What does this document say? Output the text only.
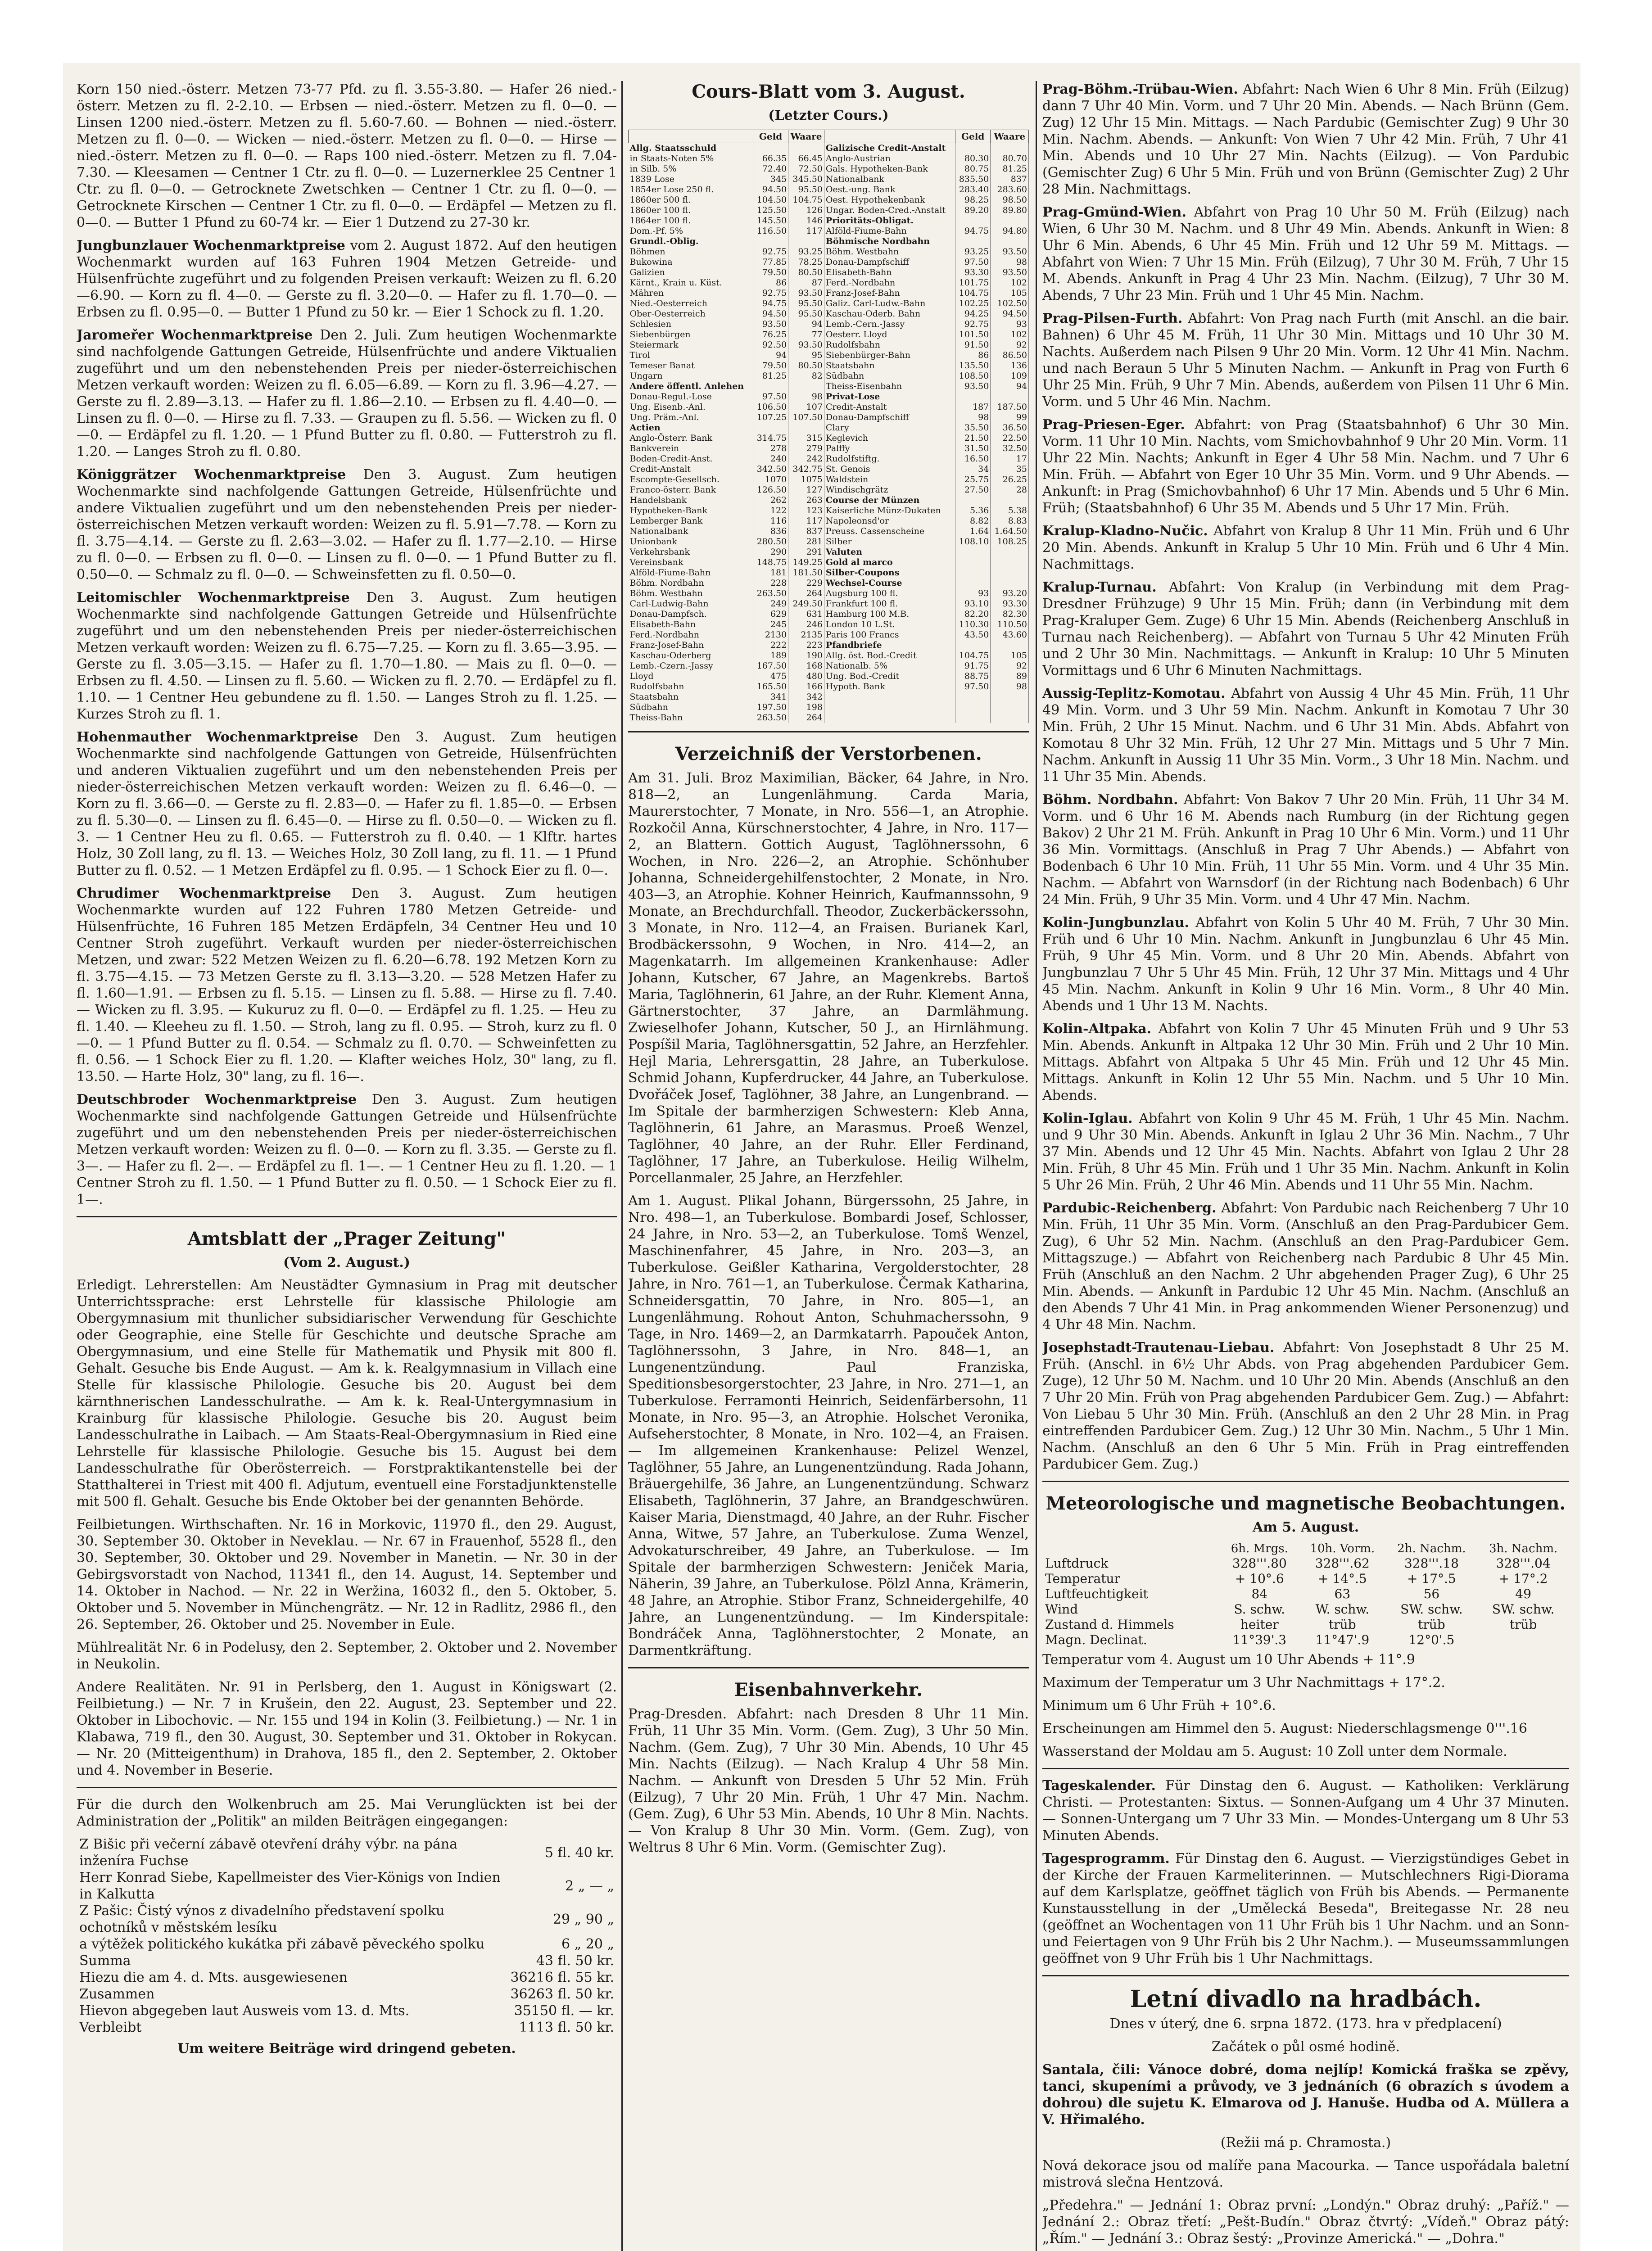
Korn 150 nied.-österr. Metzen 73-77 Pfd. zu fl. 3.55-3.80. — Hafer 26 nied.-österr. Metzen zu fl. 2-2.10. — Erbsen — nied.-österr. Metzen zu fl. 0—0. — Linsen 1200 nied.-österr. Metzen zu fl. 5.60-7.60. — Bohnen — nied.-österr. Metzen zu fl. 0—0. — Wicken — nied.-österr. Metzen zu fl. 0—0. — Hirse — nied.-österr. Metzen zu fl. 0—0. — Raps 100 nied.-österr. Metzen zu fl. 7.04-7.30. — Kleesamen — Centner 1 Ctr. zu fl. 0—0. — Luzernerklee 25 Centner 1 Ctr. zu fl. 0—0. — Getrocknete Zwetschken — Centner 1 Ctr. zu fl. 0—0. — Getrocknete Kirschen — Centner 1 Ctr. zu fl. 0—0. — Erdäpfel — Metzen zu fl. 0—0. — Butter 1 Pfund zu 60-74 kr. — Eier 1 Dutzend zu 27-30 kr.

Jungbunzlauer Wochenmarktpreise vom 2. August 1872. Auf den heutigen Wochenmarkt wurden auf 163 Fuhren 1904 Metzen Getreide- und Hülsenfrüchte zugeführt und zu folgenden Preisen verkauft: Weizen zu fl. 6.20—6.90. — Korn zu fl. 4—0. — Gerste zu fl. 3.20—0. — Hafer zu fl. 1.70—0. — Erbsen zu fl. 0.95—0. — Butter 1 Pfund zu 50 kr. — Eier 1 Schock zu fl. 1.20.

Jaromeřer Wochenmarktpreise Den 2. Juli. Zum heutigen Wochenmarkte sind nachfolgende Gattungen Getreide, Hülsenfrüchte und andere Viktualien zugeführt und um den nebenstehenden Preis per nieder-österreichischen Metzen verkauft worden: Weizen zu fl. 6.05—6.89. — Korn zu fl. 3.96—4.27. — Gerste zu fl. 2.89—3.13. — Hafer zu fl. 1.86—2.10. — Erbsen zu fl. 4.40—0. — Linsen zu fl. 0—0. — Hirse zu fl. 7.33. — Graupen zu fl. 5.56. — Wicken zu fl. 0—0. — Erdäpfel zu fl. 1.20. — 1 Pfund Butter zu fl. 0.80. — Futterstroh zu fl. 1.20. — Langes Stroh zu fl. 0.80.

Königgrätzer Wochenmarktpreise Den 3. August. Zum heutigen Wochenmarkte sind nachfolgende Gattungen Getreide, Hülsenfrüchte und andere Viktualien zugeführt und um den nebenstehenden Preis per nieder-österreichischen Metzen verkauft worden: Weizen zu fl. 5.91—7.78. — Korn zu fl. 3.75—4.14. — Gerste zu fl. 2.63—3.02. — Hafer zu fl. 1.77—2.10. — Hirse zu fl. 0—0. — Erbsen zu fl. 0—0. — Linsen zu fl. 0—0. — 1 Pfund Butter zu fl. 0.50—0. — Schmalz zu fl. 0—0. — Schweinsfetten zu fl. 0.50—0.

Leitomischler Wochenmarktpreise Den 3. August. Zum heutigen Wochenmarkte sind nachfolgende Gattungen Getreide und Hülsenfrüchte zugeführt und um den nebenstehenden Preis per nieder-österreichischen Metzen verkauft worden: Weizen zu fl. 6.75—7.25. — Korn zu fl. 3.65—3.95. — Gerste zu fl. 3.05—3.15. — Hafer zu fl. 1.70—1.80. — Mais zu fl. 0—0. — Erbsen zu fl. 4.50. — Linsen zu fl. 5.60. — Wicken zu fl. 2.70. — Erdäpfel zu fl. 1.10. — 1 Centner Heu gebundene zu fl. 1.50. — Langes Stroh zu fl. 1.25. — Kurzes Stroh zu fl. 1.

Hohenmauther Wochenmarktpreise Den 3. August. Zum heutigen Wochenmarkte sind nachfolgende Gattungen von Getreide, Hülsenfrüchten und anderen Viktualien zugeführt und um den nebenstehenden Preis per nieder-österreichischen Metzen verkauft worden: Weizen zu fl. 6.46—0. — Korn zu fl. 3.66—0. — Gerste zu fl. 2.83—0. — Hafer zu fl. 1.85—0. — Erbsen zu fl. 5.30—0. — Linsen zu fl. 6.45—0. — Hirse zu fl. 0.50—0. — Wicken zu fl. 3. — 1 Centner Heu zu fl. 0.65. — Futterstroh zu fl. 0.40. — 1 Klftr. hartes Holz, 30 Zoll lang, zu fl. 13. — Weiches Holz, 30 Zoll lang, zu fl. 11. — 1 Pfund Butter zu fl. 0.52. — 1 Metzen Erdäpfel zu fl. 0.95. — 1 Schock Eier zu fl. 0—.

Chrudimer Wochenmarktpreise Den 3. August. Zum heutigen Wochenmarkte wurden auf 122 Fuhren 1780 Metzen Getreide- und Hülsenfrüchte, 16 Fuhren 185 Metzen Erdäpfeln, 34 Centner Heu und 10 Centner Stroh zugeführt. Verkauft wurden per nieder-österreichischen Metzen, und zwar: 522 Metzen Weizen zu fl. 6.20—6.78. 192 Metzen Korn zu fl. 3.75—4.15. — 73 Metzen Gerste zu fl. 3.13—3.20. — 528 Metzen Hafer zu fl. 1.60—1.91. — Erbsen zu fl. 5.15. — Linsen zu fl. 5.88. — Hirse zu fl. 7.40. — Wicken zu fl. 3.95. — Kukuruz zu fl. 0—0. — Erdäpfel zu fl. 1.25. — Heu zu fl. 1.40. — Kleeheu zu fl. 1.50. — Stroh, lang zu fl. 0.95. — Stroh, kurz zu fl. 0—0. — 1 Pfund Butter zu fl. 0.54. — Schmalz zu fl. 0.70. — Schweinfetten zu fl. 0.56. — 1 Schock Eier zu fl. 1.20. — Klafter weiches Holz, 30" lang, zu fl. 13.50. — Harte Holz, 30" lang, zu fl. 16—.

Deutschbroder Wochenmarktpreise Den 3. August. Zum heutigen Wochenmarkte sind nachfolgende Gattungen Getreide und Hülsenfrüchte zugeführt und um den nebenstehenden Preis per nieder-österreichischen Metzen verkauft worden: Weizen zu fl. 0—0. — Korn zu fl. 3.35. — Gerste zu fl. 3—. — Hafer zu fl. 2—. — Erdäpfel zu fl. 1—. — 1 Centner Heu zu fl. 1.20. — 1 Centner Stroh zu fl. 1.50. — 1 Pfund Butter zu fl. 0.50. — 1 Schock Eier zu fl. 1—.

Amtsblatt der „Prager Zeitung"
(Vom 2. August.)

Erledigt. Lehrerstellen: Am Neustädter Gymnasium in Prag mit deutscher Unterrichtssprache: erst Lehrstelle für klassische Philologie am Obergymnasium mit thunlicher subsidiarischer Verwendung für Geschichte oder Geographie, eine Stelle für Geschichte und deutsche Sprache am Obergymnasium, und eine Stelle für Mathematik und Physik mit 800 fl. Gehalt. Gesuche bis Ende August. — Am k. k. Realgymnasium in Villach eine Stelle für klassische Philologie. Gesuche bis 20. August bei dem kärnthnerischen Landesschulrathe. — Am k. k. Real-Untergymnasium in Krainburg für klassische Philologie. Gesuche bis 20. August beim Landesschulrathe in Laibach. — Am Staats-Real-Obergymnasium in Ried eine Lehrstelle für klassische Philologie. Gesuche bis 15. August bei dem Landesschulrathe für Oberösterreich. — Forstpraktikantenstelle bei der Statthalterei in Triest mit 400 fl. Adjutum, eventuell eine Forstadjunktenstelle mit 500 fl. Gehalt. Gesuche bis Ende Oktober bei der genannten Behörde.

Feilbietungen. Wirthschaften. Nr. 16 in Morkovic, 11970 fl., den 29. August, 30. September 30. Oktober in Neveklau. — Nr. 67 in Frauenhof, 5528 fl., den 30. September, 30. Oktober und 29. November in Manetin. — Nr. 30 in der Gebirgsvorstadt von Nachod, 11341 fl., den 14. August, 14. September und 14. Oktober in Nachod. — Nr. 22 in Weržina, 16032 fl., den 5. Oktober, 5. Oktober und 5. November in Münchengrätz. — Nr. 12 in Radlitz, 2986 fl., den 26. September, 26. Oktober und 25. November in Eule.

Mühlrealität Nr. 6 in Podelusy, den 2. September, 2. Oktober und 2. November in Neukolin.

Andere Realitäten. Nr. 91 in Perlsberg, den 1. August in Königswart (2. Feilbietung.) — Nr. 7 in Krušein, den 22. August, 23. September und 22. Oktober in Libochovic. — Nr. 155 und 194 in Kolin (3. Feilbietung.) — Nr. 1 in Klabawa, 719 fl., den 30. August, 30. September und 31. Oktober in Rokycan. — Nr. 20 (Mitteigenthum) in Drahova, 185 fl., den 2. September, 2. Oktober und 4. November in Beserie.

Für die durch den Wolkenbruch am 25. Mai Verunglückten ist bei der Administration der „Politik" an milden Beiträgen eingegangen:

Z Bišic při večerní zábavě otevření dráhy výbr. na pána inženíra Fuchse	5 fl. 40 kr.
Herr Konrad Siebe, Kapellmeister des Vier-Königs von Indien in Kalkutta	2 „ — „
Z Pašic: Čistý výnos z divadelního představení spolku ochotníků v městském lesíku	29 „ 90 „
a výtěžek politického kukátka při zábavě pěveckého spolku	6 „ 20 „
Summa	43 fl. 50 kr.
Hiezu die am 4. d. Mts. ausgewiesenen	36216 fl. 55 kr.
Zusammen	36263 fl. 50 kr.
Hievon abgegeben laut Ausweis vom 13. d. Mts.	35150 fl. — kr.
Verbleibt	1113 fl. 50 kr.

Um weitere Beiträge wird dringend gebeten.

Cours-Blatt vom 3. August.
(Letzter Cours.)
	Geld	Waare		Geld	Waare
Allg. Staatsschuld			Galizische Credit-Anstalt		
in Staats-Noten 5%	66.35	66.45	Anglo-Austrian	80.30	80.70
in Silb. 5%	72.40	72.50	Gals. Hypotheken-Bank	80.75	81.25
1839 Lose	345	345.50	Nationalbank	835.50	837
1854er Lose 250 fl.	94.50	95.50	Oest.-ung. Bank	283.40	283.60
1860er 500 fl.	104.50	104.75	Oest. Hypothekenbank	98.25	98.50
1860er 100 fl.	125.50	126	Ungar. Boden-Cred.-Anstalt	89.20	89.80
1864er 100 fl.	145.50	146	Prioritäts-Obligat.		
Dom.-Pf. 5%	116.50	117	Alföld-Fiume-Bahn	94.75	94.80
Grundl.-Oblig.			Böhmische Nordbahn		
Böhmen	92.75	93.25	Böhm. Westbahn	93.25	93.50
Bukowina	77.85	78.25	Donau-Dampfschiff	97.50	98
Galizien	79.50	80.50	Elisabeth-Bahn	93.30	93.50
Kärnt., Krain u. Küst.	86	87	Ferd.-Nordbahn	101.75	102
Mähren	92.75	93.50	Franz-Josef-Bahn	104.75	105
Nied.-Oesterreich	94.75	95.50	Galiz. Carl-Ludw.-Bahn	102.25	102.50
Ober-Oesterreich	94.50	95.50	Kaschau-Oderb. Bahn	94.25	94.50
Schlesien	93.50	94	Lemb.-Cern.-Jassy	92.75	93
Siebenbürgen	76.25	77	Oesterr. Lloyd	101.50	102
Steiermark	92.50	93.50	Rudolfsbahn	91.50	92
Tirol	94	95	Siebenbürger-Bahn	86	86.50
Temeser Banat	79.50	80.50	Staatsbahn	135.50	136
Ungarn	81.25	82	Südbahn	108.50	109
Andere öffentl. Anlehen			Theiss-Eisenbahn	93.50	94
Donau-Regul.-Lose	97.50	98	Privat-Lose		
Ung. Eisenb.-Anl.	106.50	107	Credit-Anstalt	187	187.50
Ung. Präm.-Anl.	107.25	107.50	Donau-Dampfschiff	98	99
Actien			Clary	35.50	36.50
Anglo-Österr. Bank	314.75	315	Keglevich	21.50	22.50
Bankverein	278	279	Palffy	31.50	32.50
Boden-Credit-Anst.	240	242	Rudolfstiftg.	16.50	17
Credit-Anstalt	342.50	342.75	St. Genois	34	35
Escompte-Gesellsch.	1070	1075	Waldstein	25.75	26.25
Franco-österr. Bank	126.50	127	Windischgrätz	27.50	28
Handelsbank	262	263	Course der Münzen		
Hypotheken-Bank	122	123	Kaiserliche Münz-Dukaten	5.36	5.38
Lemberger Bank	116	117	Napoleonsd'or	8.82	8.83
Nationalbank	836	837	Preuss. Cassenscheine	1.64	1.64.50
Unionbank	280.50	281	Silber	108.10	108.25
Verkehrsbank	290	291	Valuten		
Vereinsbank	148.75	149.25	Gold al marco		
Alföld-Fiume-Bahn	181	181.50	Silber-Coupons		
Böhm. Nordbahn	228	229	Wechsel-Course		
Böhm. Westbahn	263.50	264	Augsburg 100 fl.	93	93.20
Carl-Ludwig-Bahn	249	249.50	Frankfurt 100 fl.	93.10	93.30
Donau-Dampfsch.	629	631	Hamburg 100 M.B.	82.20	82.30
Elisabeth-Bahn	245	246	London 10 L.St.	110.30	110.50
Ferd.-Nordbahn	2130	2135	Paris 100 Francs	43.50	43.60
Franz-Josef-Bahn	222	223	Pfandbriefe		
Kaschau-Oderberg	189	190	Allg. öst. Bod.-Credit	104.75	105
Lemb.-Czern.-Jassy	167.50	168	Nationalb. 5%	91.75	92
Lloyd	475	480	Ung. Bod.-Credit	88.75	89
Rudolfsbahn	165.50	166	Hypoth. Bank	97.50	98
Staatsbahn	341	342			
Südbahn	197.50	198			
Theiss-Bahn	263.50	264			
Verzeichniß der Verstorbenen.

Am 31. Juli. Broz Maximilian, Bäcker, 64 Jahre, in Nro. 818—2, an Lungenlähmung. Carda Maria, Maurerstochter, 7 Monate, in Nro. 556—1, an Atrophie. Rozkočil Anna, Kürschnerstochter, 4 Jahre, in Nro. 117—2, an Blattern. Gottich August, Taglöhnerssohn, 6 Wochen, in Nro. 226—2, an Atrophie. Schönhuber Johanna, Schneidergehilfenstochter, 2 Monate, in Nro. 403—3, an Atrophie. Kohner Heinrich, Kaufmannssohn, 9 Monate, an Brechdurchfall. Theodor, Zuckerbäckerssohn, 3 Monate, in Nro. 112—4, an Fraisen. Burianek Karl, Brodbäckerssohn, 9 Wochen, in Nro. 414—2, an Magenkatarrh. Im allgemeinen Krankenhause: Adler Johann, Kutscher, 67 Jahre, an Magenkrebs. Bartoš Maria, Taglöhnerin, 61 Jahre, an der Ruhr. Klement Anna, Gärtnerstochter, 37 Jahre, an Darmlähmung. Zwieselhofer Johann, Kutscher, 50 J., an Hirnlähmung. Pospíšil Maria, Taglöhnersgattin, 52 Jahre, an Herzfehler. Hejl Maria, Lehrersgattin, 28 Jahre, an Tuberkulose. Schmid Johann, Kupferdrucker, 44 Jahre, an Tuberkulose. Dvořáček Josef, Taglöhner, 38 Jahre, an Lungenbrand. — Im Spitale der barmherzigen Schwestern: Kleb Anna, Taglöhnerin, 61 Jahre, an Marasmus. Proeß Wenzel, Taglöhner, 40 Jahre, an der Ruhr. Eller Ferdinand, Taglöhner, 17 Jahre, an Tuberkulose. Heilig Wilhelm, Porcellanmaler, 25 Jahre, an Herzfehler.

Am 1. August. Plikal Johann, Bürgerssohn, 25 Jahre, in Nro. 498—1, an Tuberkulose. Bombardi Josef, Schlosser, 24 Jahre, in Nro. 53—2, an Tuberkulose. Tomš Wenzel, Maschinenfahrer, 45 Jahre, in Nro. 203—3, an Tuberkulose. Geißler Katharina, Vergolderstochter, 28 Jahre, in Nro. 761—1, an Tuberkulose. Čermak Katharina, Schneidersgattin, 70 Jahre, in Nro. 805—1, an Lungenlähmung. Rohout Anton, Schuhmacherssohn, 9 Tage, in Nro. 1469—2, an Darmkatarrh. Papouček Anton, Taglöhnerssohn, 3 Jahre, in Nro. 848—1, an Lungenentzündung. Paul Franziska, Speditionsbesorgerstochter, 23 Jahre, in Nro. 271—1, an Tuberkulose. Ferramonti Heinrich, Seidenfärbersohn, 11 Monate, in Nro. 95—3, an Atrophie. Holschet Veronika, Aufseherstochter, 8 Monate, in Nro. 102—4, an Fraisen. — Im allgemeinen Krankenhause: Pelizel Wenzel, Taglöhner, 55 Jahre, an Lungenentzündung. Rada Johann, Bräuergehilfe, 36 Jahre, an Lungenentzündung. Schwarz Elisabeth, Taglöhnerin, 37 Jahre, an Brandgeschwüren. Kaiser Maria, Dienstmagd, 40 Jahre, an der Ruhr. Fischer Anna, Witwe, 57 Jahre, an Tuberkulose. Zuma Wenzel, Advokaturschreiber, 49 Jahre, an Tuberkulose. — Im Spitale der barmherzigen Schwestern: Jeniček Maria, Näherin, 39 Jahre, an Tuberkulose. Pölzl Anna, Krämerin, 48 Jahre, an Atrophie. Stibor Franz, Schneidergehilfe, 40 Jahre, an Lungenentzündung. — Im Kinderspitale: Bondráček Anna, Taglöhnerstochter, 2 Monate, an Darmentkräftung.

Eisenbahnverkehr.

Prag-Dresden. Abfahrt: nach Dresden 8 Uhr 11 Min. Früh, 11 Uhr 35 Min. Vorm. (Gem. Zug), 3 Uhr 50 Min. Nachm. (Gem. Zug), 7 Uhr 30 Min. Abends, 10 Uhr 45 Min. Nachts (Eilzug). — Nach Kralup 4 Uhr 58 Min. Nachm. — Ankunft von Dresden 5 Uhr 52 Min. Früh (Eilzug), 7 Uhr 20 Min. Früh, 1 Uhr 47 Min. Nachm. (Gem. Zug), 6 Uhr 53 Min. Abends, 10 Uhr 8 Min. Nachts. — Von Kralup 8 Uhr 30 Min. Vorm. (Gem. Zug), von Weltrus 8 Uhr 6 Min. Vorm. (Gemischter Zug).

Prag-Böhm.-Trübau-Wien. Abfahrt: Nach Wien 6 Uhr 8 Min. Früh (Eilzug) dann 7 Uhr 40 Min. Vorm. und 7 Uhr 20 Min. Abends. — Nach Brünn (Gem. Zug) 12 Uhr 15 Min. Mittags. — Nach Pardubic (Gemischter Zug) 9 Uhr 30 Min. Nachm. Abends. — Ankunft: Von Wien 7 Uhr 42 Min. Früh, 7 Uhr 41 Min. Abends und 10 Uhr 27 Min. Nachts (Eilzug). — Von Pardubic (Gemischter Zug) 6 Uhr 5 Min. Früh und von Brünn (Gemischter Zug) 2 Uhr 28 Min. Nachmittags.

Prag-Gmünd-Wien. Abfahrt von Prag 10 Uhr 50 M. Früh (Eilzug) nach Wien, 6 Uhr 30 M. Nachm. und 8 Uhr 49 Min. Abends. Ankunft in Wien: 8 Uhr 6 Min. Abends, 6 Uhr 45 Min. Früh und 12 Uhr 59 M. Mittags. — Abfahrt von Wien: 7 Uhr 15 Min. Früh (Eilzug), 7 Uhr 30 M. Früh, 7 Uhr 15 M. Abends. Ankunft in Prag 4 Uhr 23 Min. Nachm. (Eilzug), 7 Uhr 30 M. Abends, 7 Uhr 23 Min. Früh und 1 Uhr 45 Min. Nachm.

Prag-Pilsen-Furth. Abfahrt: Von Prag nach Furth (mit Anschl. an die bair. Bahnen) 6 Uhr 45 M. Früh, 11 Uhr 30 Min. Mittags und 10 Uhr 30 M. Nachts. Außerdem nach Pilsen 9 Uhr 20 Min. Vorm. 12 Uhr 41 Min. Nachm. und nach Beraun 5 Uhr 5 Minuten Nachm. — Ankunft in Prag von Furth 6 Uhr 25 Min. Früh, 9 Uhr 7 Min. Abends, außerdem von Pilsen 11 Uhr 6 Min. Vorm. und 5 Uhr 46 Min. Nachm.

Prag-Priesen-Eger. Abfahrt: von Prag (Staatsbahnhof) 6 Uhr 30 Min. Vorm. 11 Uhr 10 Min. Nachts, vom Smichovbahnhof 9 Uhr 20 Min. Vorm. 11 Uhr 22 Min. Nachts; Ankunft in Eger 4 Uhr 58 Min. Nachm. und 7 Uhr 6 Min. Früh. — Abfahrt von Eger 10 Uhr 35 Min. Vorm. und 9 Uhr Abends. — Ankunft: in Prag (Smichovbahnhof) 6 Uhr 17 Min. Abends und 5 Uhr 6 Min. Früh; (Staatsbahnhof) 6 Uhr 35 M. Abends und 5 Uhr 17 Min. Früh.

Kralup-Kladno-Nučic. Abfahrt von Kralup 8 Uhr 11 Min. Früh und 6 Uhr 20 Min. Abends. Ankunft in Kralup 5 Uhr 10 Min. Früh und 6 Uhr 4 Min. Nachmittags.

Kralup-Turnau. Abfahrt: Von Kralup (in Verbindung mit dem Prag-Dresdner Frühzuge) 9 Uhr 15 Min. Früh; dann (in Verbindung mit dem Prag-Kraluper Gem. Zuge) 6 Uhr 15 Min. Abends (Reichenberg Anschluß in Turnau nach Reichenberg). — Abfahrt von Turnau 5 Uhr 42 Minuten Früh und 2 Uhr 30 Min. Nachmittags. — Ankunft in Kralup: 10 Uhr 5 Minuten Vormittags und 6 Uhr 6 Minuten Nachmittags.

Aussig-Teplitz-Komotau. Abfahrt von Aussig 4 Uhr 45 Min. Früh, 11 Uhr 49 Min. Vorm. und 3 Uhr 59 Min. Nachm. Ankunft in Komotau 7 Uhr 30 Min. Früh, 2 Uhr 15 Minut. Nachm. und 6 Uhr 31 Min. Abds. Abfahrt von Komotau 8 Uhr 32 Min. Früh, 12 Uhr 27 Min. Mittags und 5 Uhr 7 Min. Nachm. Ankunft in Aussig 11 Uhr 35 Min. Vorm., 3 Uhr 18 Min. Nachm. und 11 Uhr 35 Min. Abends.

Böhm. Nordbahn. Abfahrt: Von Bakov 7 Uhr 20 Min. Früh, 11 Uhr 34 M. Vorm. und 6 Uhr 16 M. Abends nach Rumburg (in der Richtung gegen Bakov) 2 Uhr 21 M. Früh. Ankunft in Prag 10 Uhr 6 Min. Vorm.) und 11 Uhr 36 Min. Vormittags. (Anschluß in Prag 7 Uhr Abends.) — Abfahrt von Bodenbach 6 Uhr 10 Min. Früh, 11 Uhr 55 Min. Vorm. und 4 Uhr 35 Min. Nachm. — Abfahrt von Warnsdorf (in der Richtung nach Bodenbach) 6 Uhr 24 Min. Früh, 9 Uhr 35 Min. Vorm. und 4 Uhr 47 Min. Nachm.

Kolin-Jungbunzlau. Abfahrt von Kolin 5 Uhr 40 M. Früh, 7 Uhr 30 Min. Früh und 6 Uhr 10 Min. Nachm. Ankunft in Jungbunzlau 6 Uhr 45 Min. Früh, 9 Uhr 45 Min. Vorm. und 8 Uhr 20 Min. Abends. Abfahrt von Jungbunzlau 7 Uhr 5 Uhr 45 Min. Früh, 12 Uhr 37 Min. Mittags und 4 Uhr 45 Min. Nachm. Ankunft in Kolin 9 Uhr 16 Min. Vorm., 8 Uhr 40 Min. Abends und 1 Uhr 13 M. Nachts.

Kolin-Altpaka. Abfahrt von Kolin 7 Uhr 45 Minuten Früh und 9 Uhr 53 Min. Abends. Ankunft in Altpaka 12 Uhr 30 Min. Früh und 2 Uhr 10 Min. Mittags. Abfahrt von Altpaka 5 Uhr 45 Min. Früh und 12 Uhr 45 Min. Mittags. Ankunft in Kolin 12 Uhr 55 Min. Nachm. und 5 Uhr 10 Min. Abends.

Kolin-Iglau. Abfahrt von Kolin 9 Uhr 45 M. Früh, 1 Uhr 45 Min. Nachm. und 9 Uhr 30 Min. Abends. Ankunft in Iglau 2 Uhr 36 Min. Nachm., 7 Uhr 37 Min. Abends und 12 Uhr 45 Min. Nachts. Abfahrt von Iglau 2 Uhr 28 Min. Früh, 8 Uhr 45 Min. Früh und 1 Uhr 35 Min. Nachm. Ankunft in Kolin 5 Uhr 26 Min. Früh, 2 Uhr 46 Min. Abends und 11 Uhr 55 Min. Nachm.

Pardubic-Reichenberg. Abfahrt: Von Pardubic nach Reichenberg 7 Uhr 10 Min. Früh, 11 Uhr 35 Min. Vorm. (Anschluß an den Prag-Pardubicer Gem. Zug), 6 Uhr 52 Min. Nachm. (Anschluß an den Prag-Pardubicer Gem. Mittagszuge.) — Abfahrt von Reichenberg nach Pardubic 8 Uhr 45 Min. Früh (Anschluß an den Nachm. 2 Uhr abgehenden Prager Zug), 6 Uhr 25 Min. Abends. — Ankunft in Pardubic 12 Uhr 45 Min. Nachm. (Anschluß an den Abends 7 Uhr 41 Min. in Prag ankommenden Wiener Personenzug) und 4 Uhr 48 Min. Nachm.

Josephstadt-Trautenau-Liebau. Abfahrt: Von Josephstadt 8 Uhr 25 M. Früh. (Anschl. in 6½ Uhr Abds. von Prag abgehenden Pardubicer Gem. Zuge), 12 Uhr 50 M. Nachm. und 10 Uhr 20 Min. Abends (Anschluß an den 7 Uhr 20 Min. Früh von Prag abgehenden Pardubicer Gem. Zug.) — Abfahrt: Von Liebau 5 Uhr 30 Min. Früh. (Anschluß an den 2 Uhr 28 Min. in Prag eintreffenden Pardubicer Gem. Zug.) 12 Uhr 30 Min. Nachm., 5 Uhr 1 Min. Nachm. (Anschluß an den 6 Uhr 5 Min. Früh in Prag eintreffenden Pardubicer Gem. Zug.)

Meteorologische und magnetische Beobachtungen.
Am 5. August.
	6h. Mrgs.	10h. Vorm.	2h. Nachm.	3h. Nachm.
Luftdruck	328'''.80	328'''.62	328'''.18	328'''.04
Temperatur	+ 10°.6	+ 14°.5	+ 17°.5	+ 17°.2
Luftfeuchtigkeit	84	63	56	49
Wind	S. schw.	W. schw.	SW. schw.	SW. schw.
Zustand d. Himmels	heiter	trüb	trüb	trüb
Magn. Declinat.	11°39'.3	11°47'.9	12°0'.5	

Temperatur vom 4. August um 10 Uhr Abends + 11°.9

Maximum der Temperatur um 3 Uhr Nachmittags + 17°.2.

Minimum um 6 Uhr Früh + 10°.6.

Erscheinungen am Himmel den 5. August: Niederschlagsmenge 0'''.16

Wasserstand der Moldau am 5. August: 10 Zoll unter dem Normale.

Tageskalender. Für Dinstag den 6. August. — Katholiken: Verklärung Christi. — Protestanten: Sixtus. — Sonnen-Aufgang um 4 Uhr 37 Minuten. — Sonnen-Untergang um 7 Uhr 33 Min. — Mondes-Untergang um 8 Uhr 53 Minuten Abends.

Tagesprogramm. Für Dinstag den 6. August. — Vierzigstündiges Gebet in der Kirche der Frauen Karmeliterinnen. — Mutschlechners Rigi-Diorama auf dem Karlsplatze, geöffnet täglich von Früh bis Abends. — Permanente Kunstausstellung in der „Umělecká Beseda", Breitegasse Nr. 28 neu (geöffnet an Wochentagen von 11 Uhr Früh bis 1 Uhr Nachm. und an Sonn- und Feiertagen von 9 Uhr Früh bis 2 Uhr Nachm.). — Museumssammlungen geöffnet von 9 Uhr Früh bis 1 Uhr Nachmittags.

Letní divadlo na hradbách.

Dnes v úterý, dne 6. srpna 1872. (173. hra v předplacení)

Začátek o půl osmé hodině.

Santala, čili: Vánoce dobré, doma nejlíp! Komická fraška se zpěvy, tanci, skupeními a průvody, ve 3 jednáních (6 obrazích s úvodem a dohrou) dle sujetu K. Elmarova od J. Hanuše. Hudba od A. Müllera a V. Hřimalého.

(Režii má p. Chramosta.)

Nová dekorace jsou od malíře pana Macourka. — Tance uspořádala baletní mistrová slečna Hentzová.

„Předehra." — Jednání 1: Obraz první: „Londýn." Obraz druhý: „Paříž." — Jednání 2.: Obraz třetí: „Pešt-Budín." Obraz čtvrtý: „Vídeň." Obraz pátý: „Řím." — Jednání 3.: Obraz šestý: „Provinze Americká." — „Dohra."
